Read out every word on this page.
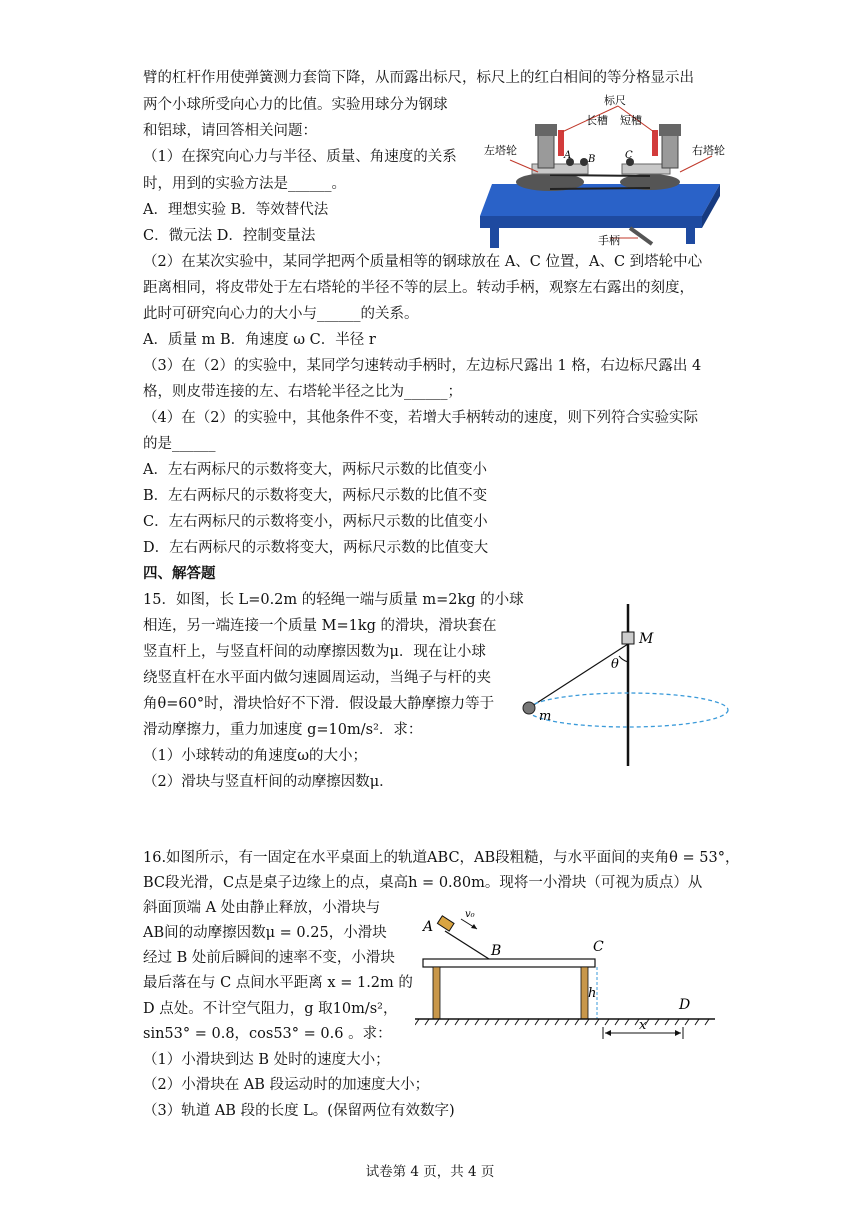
臂的杠杆作用使弹簧测力套筒下降，从而露出标尺，标尺上的红白相间的等分格显示出
两个小球所受向心力的比值。实验用球分为钢球
和铝球，请回答相关问题：
（1）在探究向心力与半径、质量、角速度的关系
时，用到的实验方法是______。
A．理想实验 B．等效替代法
C．微元法 D．控制变量法
（2）在某次实验中，某同学把两个质量相等的钢球放在 A、C 位置，A、C 到塔轮中心
距离相同，将皮带处于左右塔轮的半径不等的层上。转动手柄，观察左右露出的刻度，
此时可研究向心力的大小与______的关系。
A．质量 m B．角速度 ω C．半径 r
（3）在（2）的实验中，某同学匀速转动手柄时，左边标尺露出 1 格，右边标尺露出 4
格，则皮带连接的左、右塔轮半径之比为______；
（4）在（2）的实验中，其他条件不变，若增大手柄转动的速度，则下列符合实验实际
的是______
A．左右两标尺的示数将变大，两标尺示数的比值变小
B．左右两标尺的示数将变大，两标尺示数的比值不变
C．左右两标尺的示数将变小，两标尺示数的比值变小
D．左右两标尺的示数将变大，两标尺示数的比值变大
标尺
长槽 短槽
左塔轮	右塔轮
手柄
A B	C
四、解答题
15．如图，长 L=0.2m 的轻绳一端与质量 m=2kg 的小球
相连，另一端连接一个质量 M=1kg 的滑块，滑块套在
竖直杆上，与竖直杆间的动摩擦因数为μ．现在让小球
绕竖直杆在水平面内做匀速圆周运动，当绳子与杆的夹
角θ=60°时，滑块恰好不下滑．假设最大静摩擦力等于
滑动摩擦力，重力加速度 g=10m/s²．求：
（1）小球转动的角速度ω的大小；
（2）滑块与竖直杆间的动摩擦因数μ．
M
θ
m
16.如图所示，有一固定在水平桌面上的轨道ABC，AB段粗糙，与水平面间的夹角θ = 53°，
BC段光滑，C点是桌子边缘上的点，桌高h = 0.80m。现将一小滑块（可视为质点）从
斜面顶端 A 处由静止释放，小滑块与
AB间的动摩擦因数μ = 0.25，小滑块
经过 B 处前后瞬间的速率不变，小滑块
最后落在与 C 点间水平距离 x = 1.2m 的
D 点处。不计空气阻力，g 取10m/s²，
sin53° = 0.8，cos53° = 0.6 。求：
（1）小滑块到达 B 处时的速度大小；
（2）小滑块在 AB 段运动时的加速度大小；
（3）轨道 AB 段的长度 L。(保留两位有效数字)
A
v₀
B	C
h
D
x
试卷第 4 页，共 4 页
